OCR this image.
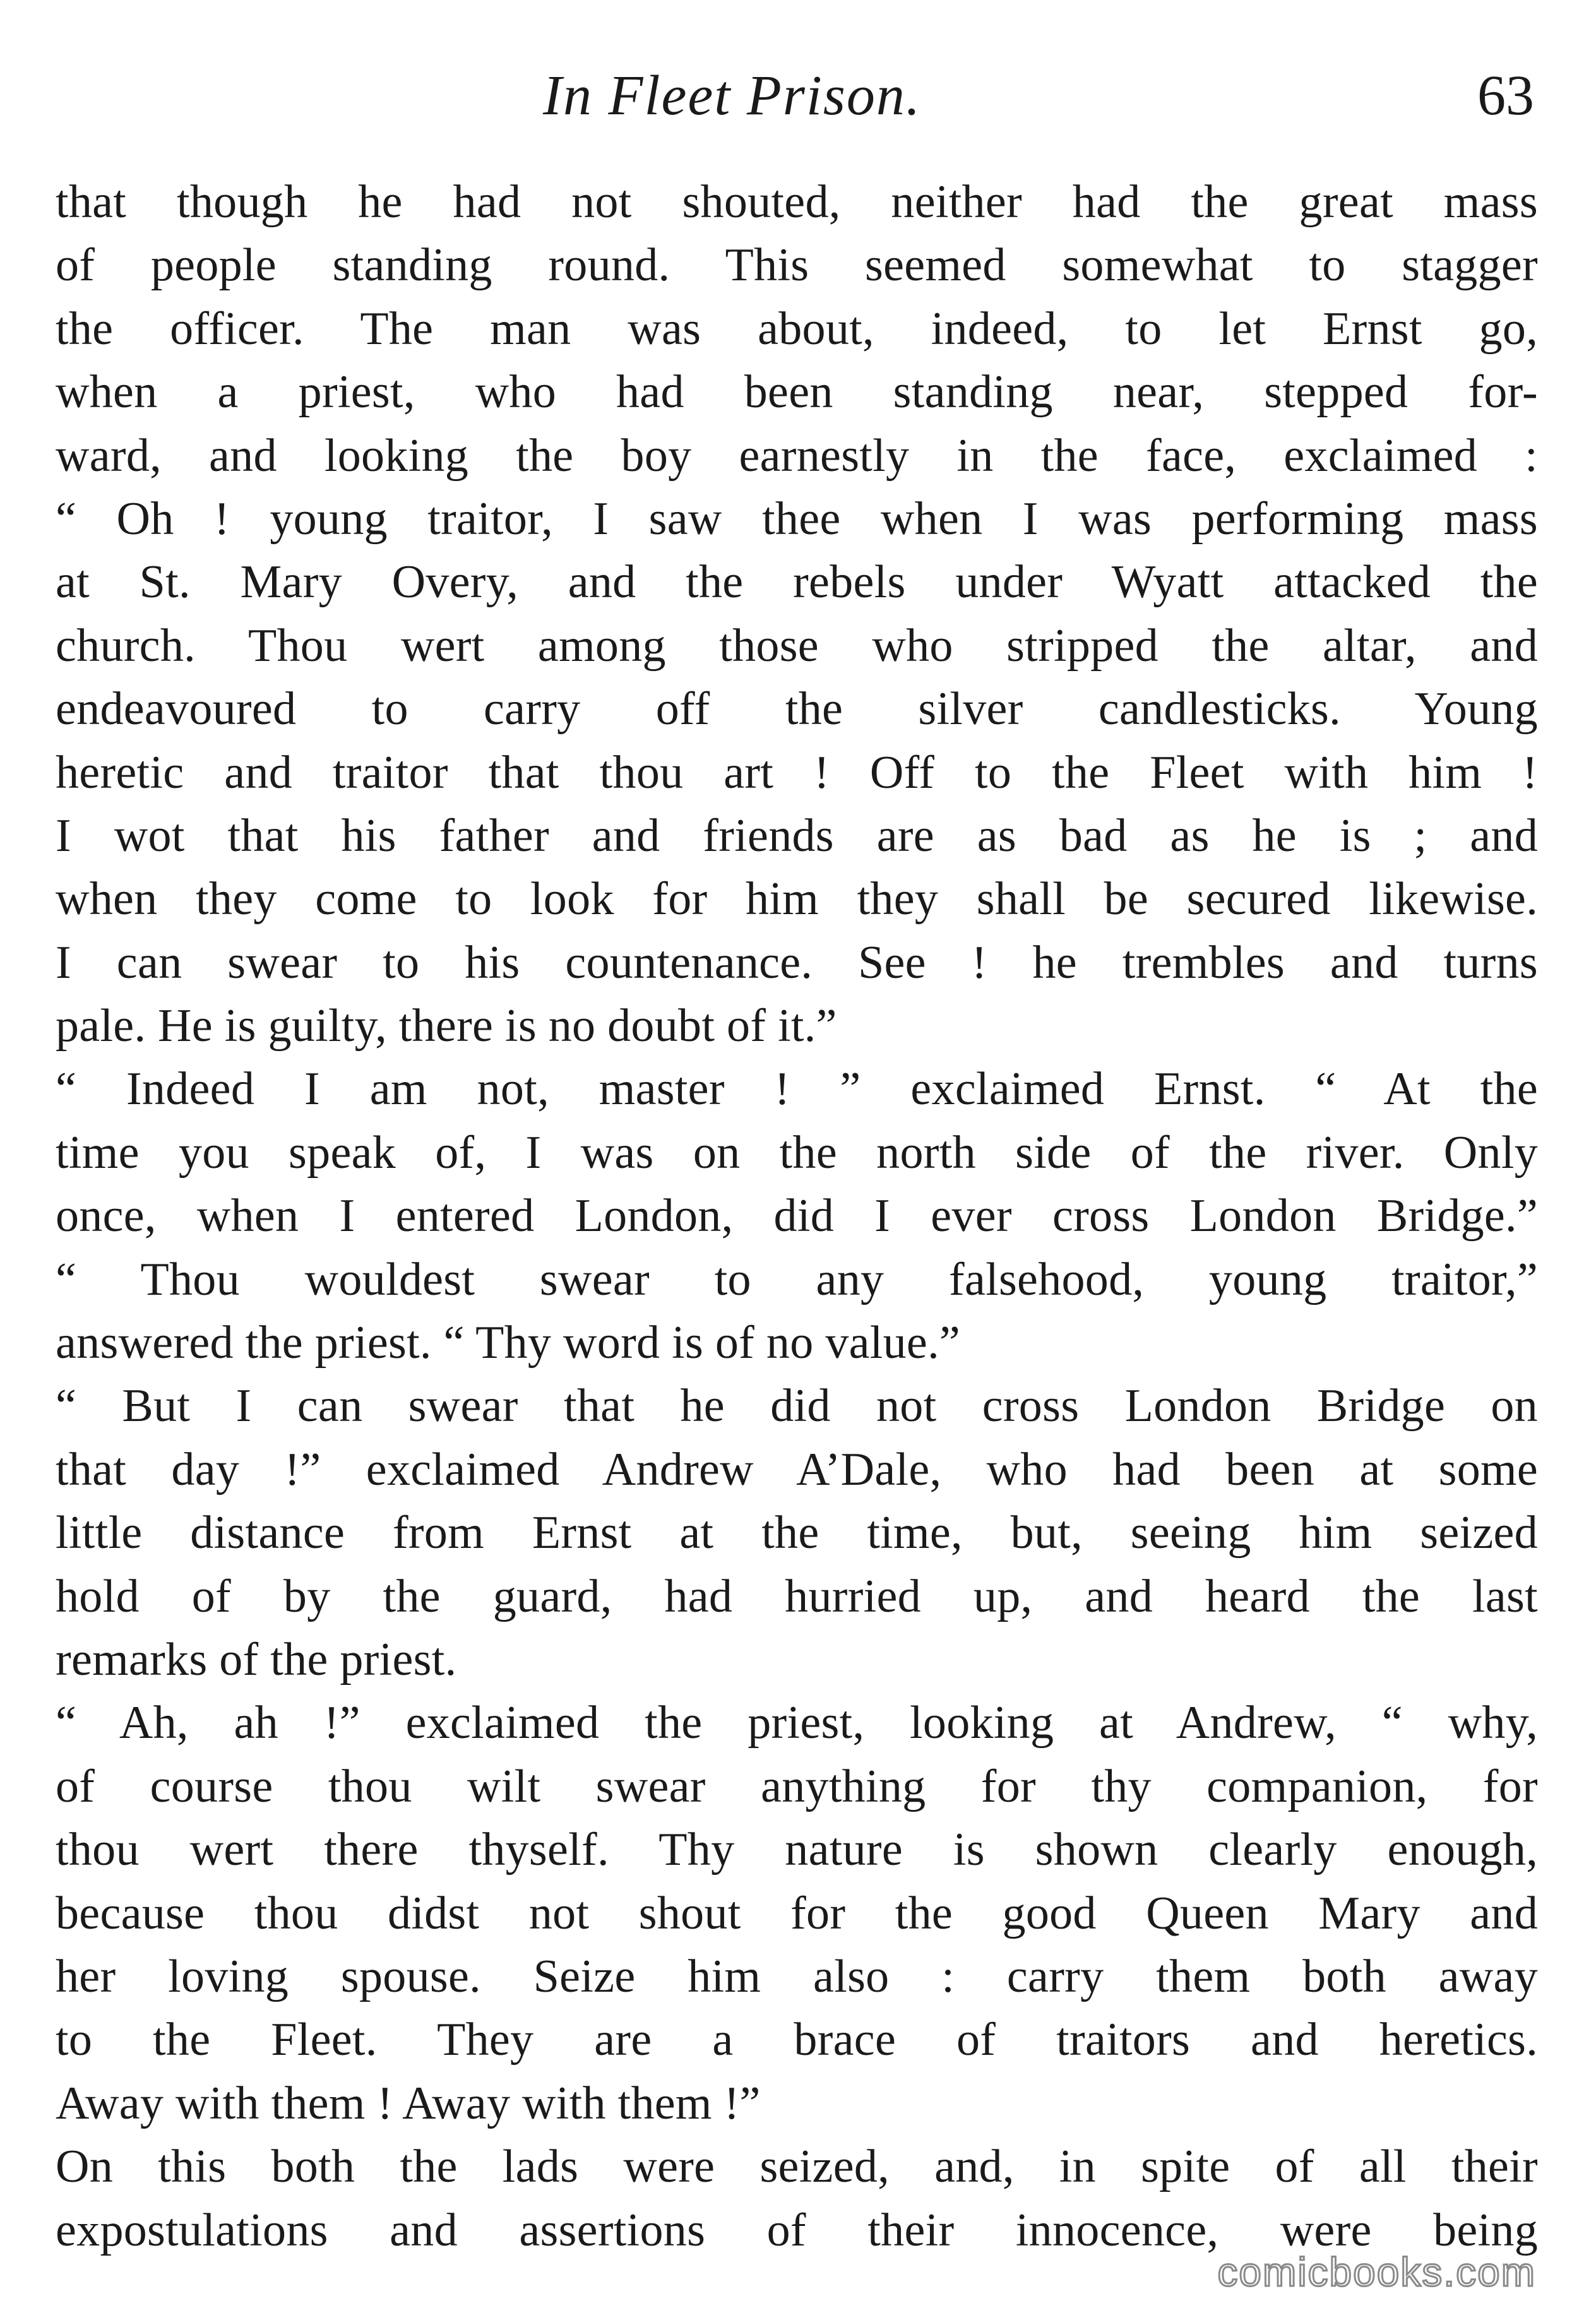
In Fleet Prison.	63
that though he had not shouted, neither had the great mass
of people standing round. This seemed somewhat to stagger
the officer. The man was about, indeed, to let Ernst go,
when a priest, who had been standing near, stepped for-
ward, and looking the boy earnestly in the face, exclaimed :
“ Oh ! young traitor, I saw thee when I was performing mass
at St. Mary Overy, and the rebels under Wyatt attacked the
church. Thou wert among those who stripped the altar, and
endeavoured to carry off the silver candlesticks. Young
heretic and traitor that thou art ! Off to the Fleet with him !
I wot that his father and friends are as bad as he is ; and
when they come to look for him they shall be secured likewise.
I can swear to his countenance. See ! he trembles and turns
pale. He is guilty, there is no doubt of it.”
“ Indeed I am not, master ! ” exclaimed Ernst. “ At the
time you speak of, I was on the north side of the river. Only
once, when I entered London, did I ever cross London Bridge.”
“ Thou wouldest swear to any falsehood, young traitor,”
answered the priest. “ Thy word is of no value.”
“ But I can swear that he did not cross London Bridge on
that day !” exclaimed Andrew A’Dale, who had been at some
little distance from Ernst at the time, but, seeing him seized
hold of by the guard, had hurried up, and heard the last
remarks of the priest.
“ Ah, ah !” exclaimed the priest, looking at Andrew, “ why,
of course thou wilt swear anything for thy companion, for
thou wert there thyself. Thy nature is shown clearly enough,
because thou didst not shout for the good Queen Mary and
her loving spouse. Seize him also : carry them both away
to the Fleet. They are a brace of traitors and heretics.
Away with them ! Away with them !”
On this both the lads were seized, and, in spite of all their
expostulations and assertions of their innocence, were being
comicbooks.com
